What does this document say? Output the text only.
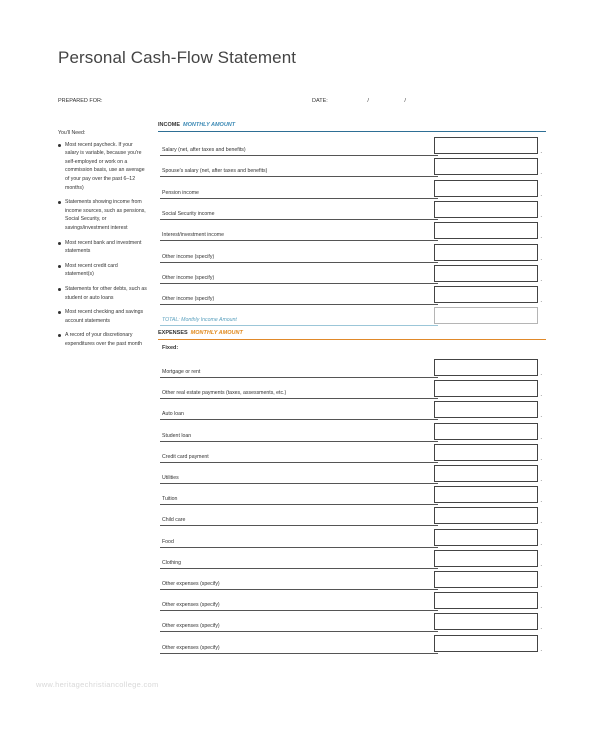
Personal Cash-Flow Statement
PREPARED FOR:	DATE:	/	/
You'll Need:
Most recent paycheck. If your salary is variable, because you're self-employed or work on a commission basis, use an average of your pay over the past 6–12 months)
Statements showing income from income sources, such as pensions, Social Security, or savings/investment interest
Most recent bank and investment statements
Most recent credit card statement(s)
Statements for other debts, such as student or auto loans
Most recent checking and savings account statements
A record of your discretionary expenditures over the past month
INCOME MONTHLY AMOUNT
Salary (net, after taxes and benefits)	.
Spouse's salary (net, after taxes and benefits)	.
Pension income	.
Social Security income	.
Interest/investment income	.
Other income (specify)	.
Other income (specify)	.
Other income (specify)	.
TOTAL: Monthly Income Amount
EXPENSES MONTHLY AMOUNT
Fixed:
Mortgage or rent	.
Other real estate payments (taxes, assessments, etc.)	.
Auto loan	.
Student loan	.
Credit card payment	.
Utilities	.
Tuition	.
Child care	.
Food	.
Clothing	.
Other expenses (specify)	.
Other expenses (specify)	.
Other expenses (specify)	.
Other expenses (specify)	.
www.heritagechristiancollege.com
